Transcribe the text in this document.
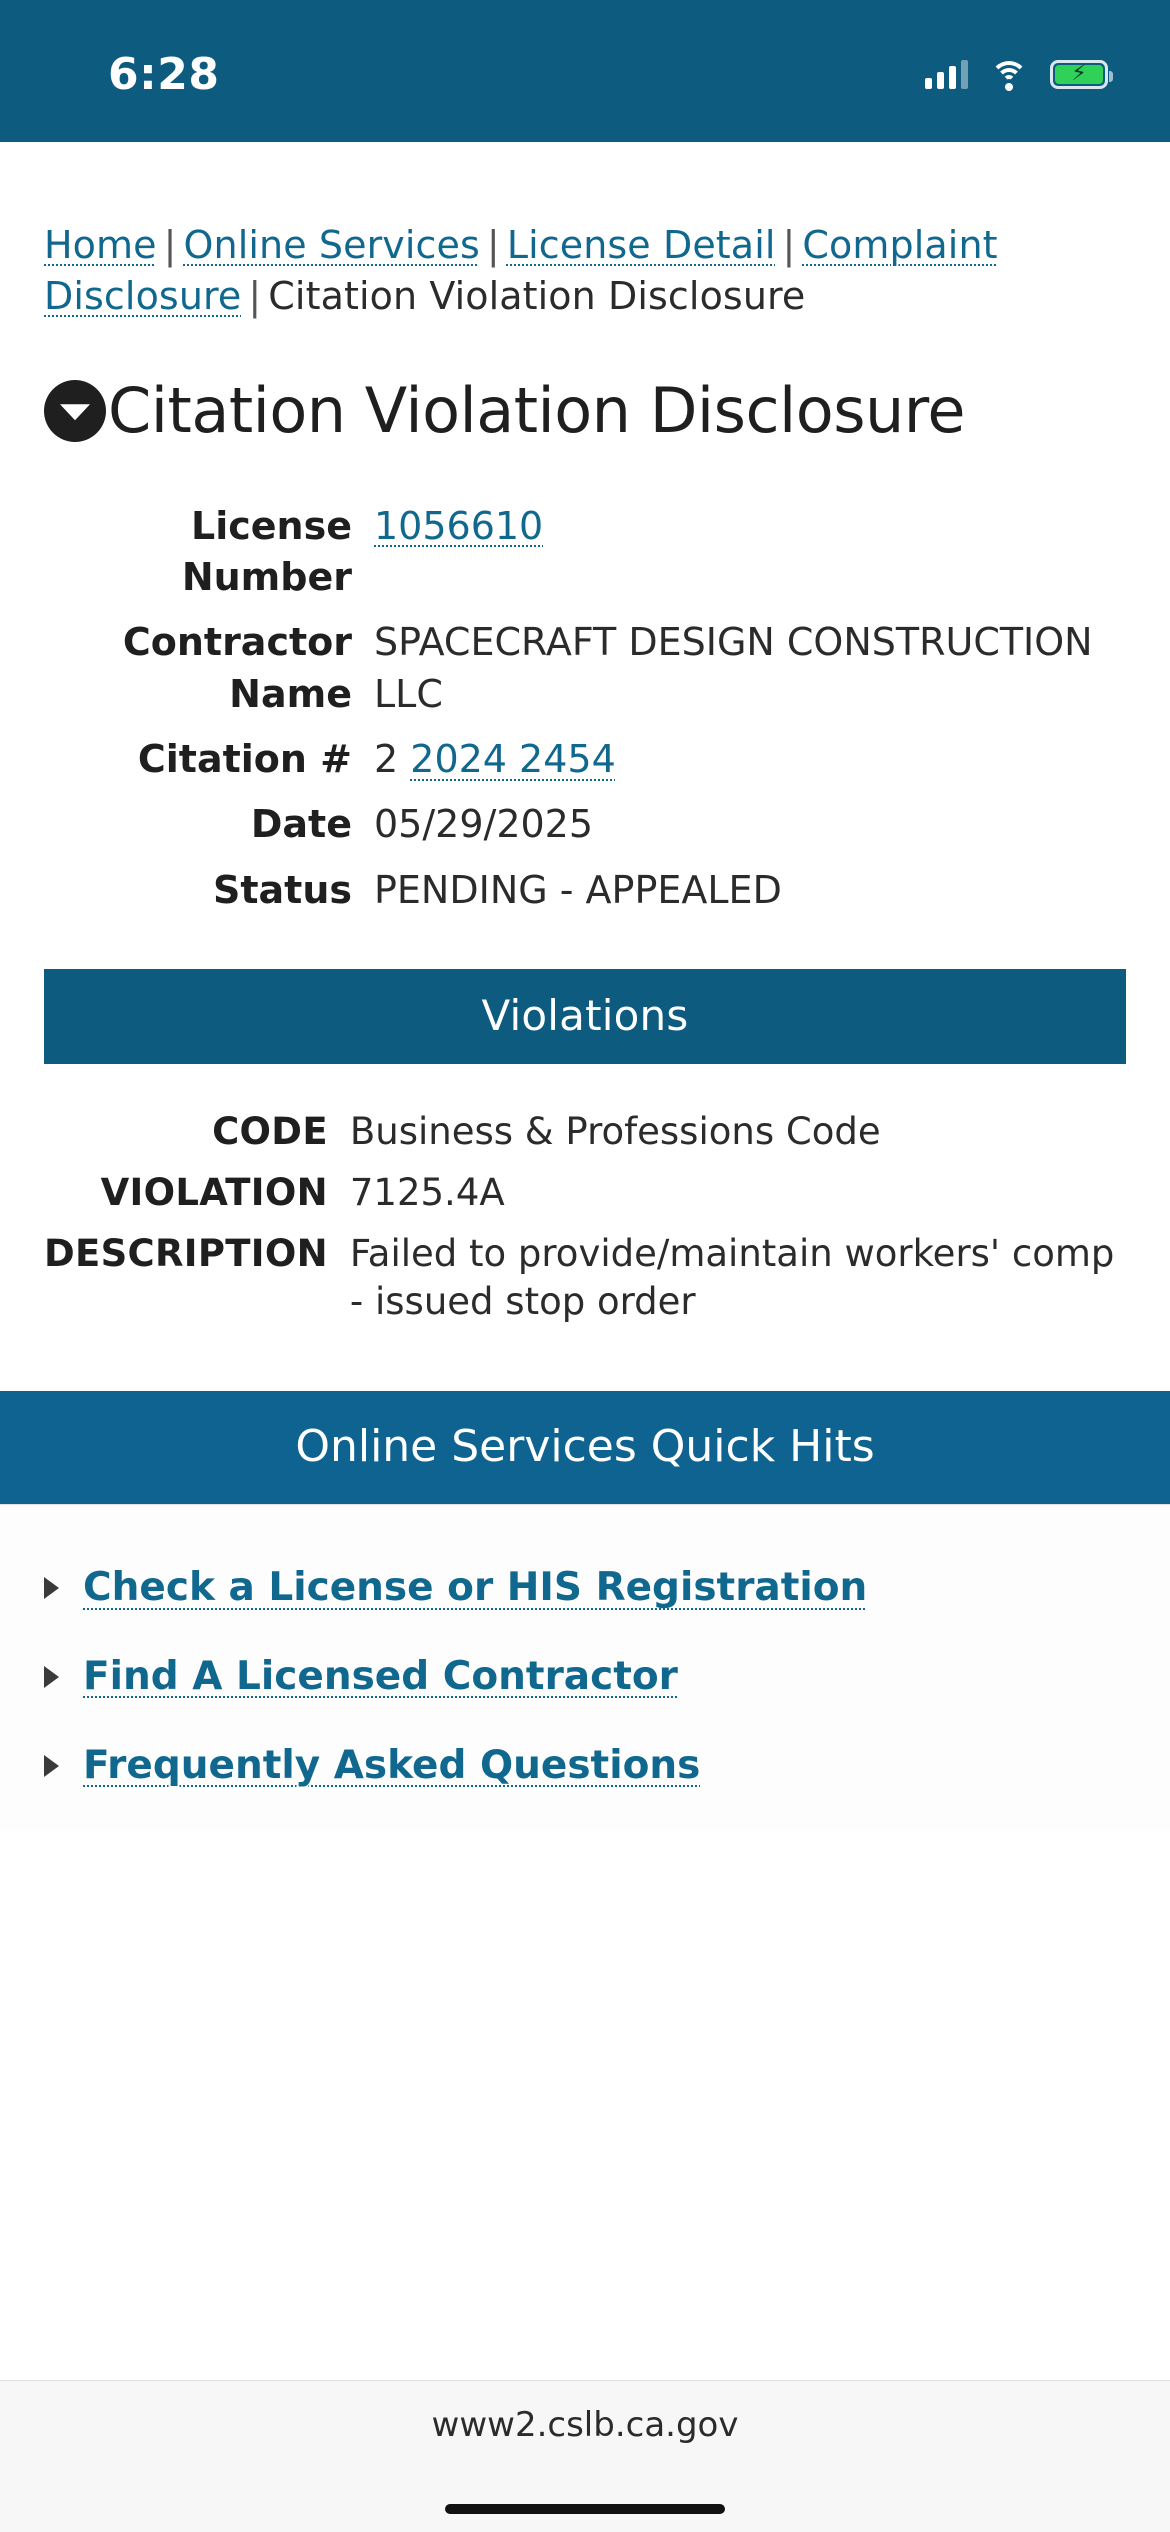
6:28	⚡
Home | Online Services | License Detail | Complaint Disclosure | Citation Violation Disclosure
Citation Violation Disclosure
License Number	1056610
Contractor Name	SPACECRAFT DESIGN CONSTRUCTION LLC
Citation #	2 2024 2454
Date	05/29/2025
Status	PENDING - APPEALED
Violations
CODE	Business & Professions Code
VIOLATION	7125.4A
DESCRIPTION	Failed to provide/maintain workers' comp - issued stop order
Online Services Quick Hits
Check a License or HIS Registration
Find A Licensed Contractor
Frequently Asked Questions
www2.cslb.ca.gov
